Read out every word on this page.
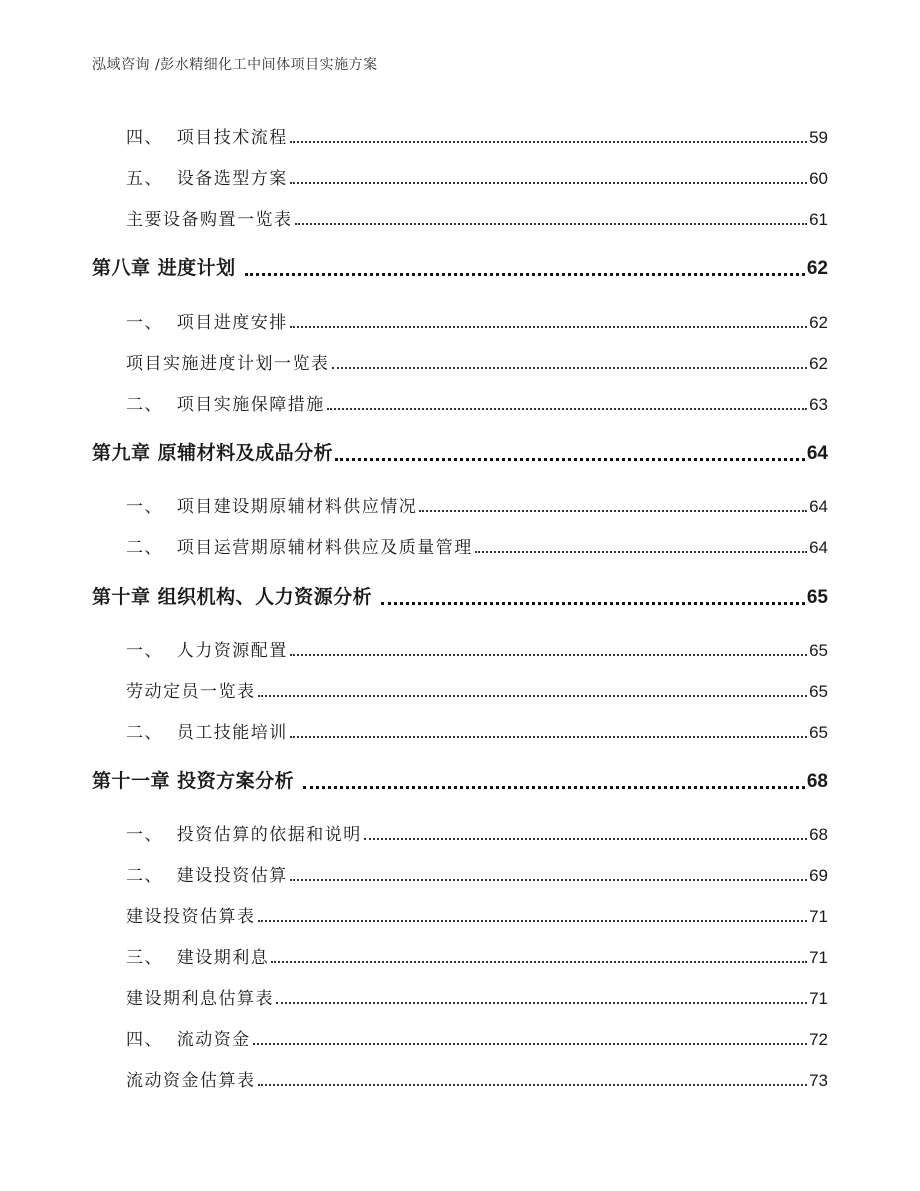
泓域咨询 /彭水精细化工中间体项目实施方案
四、  项目技术流程	59
五、  设备选型方案	60
主要设备购置一览表	61
第八章 进度计划	62
一、  项目进度安排	62
项目实施进度计划一览表	62
二、  项目实施保障措施	63
第九章 原辅材料及成品分析	64
一、  项目建设期原辅材料供应情况	64
二、  项目运营期原辅材料供应及质量管理	64
第十章 组织机构、人力资源分析	65
一、  人力资源配置	65
劳动定员一览表	65
二、  员工技能培训	65
第十一章 投资方案分析	68
一、  投资估算的依据和说明	68
二、  建设投资估算	69
建设投资估算表	71
三、  建设期利息	71
建设期利息估算表	71
四、  流动资金	72
流动资金估算表	73
